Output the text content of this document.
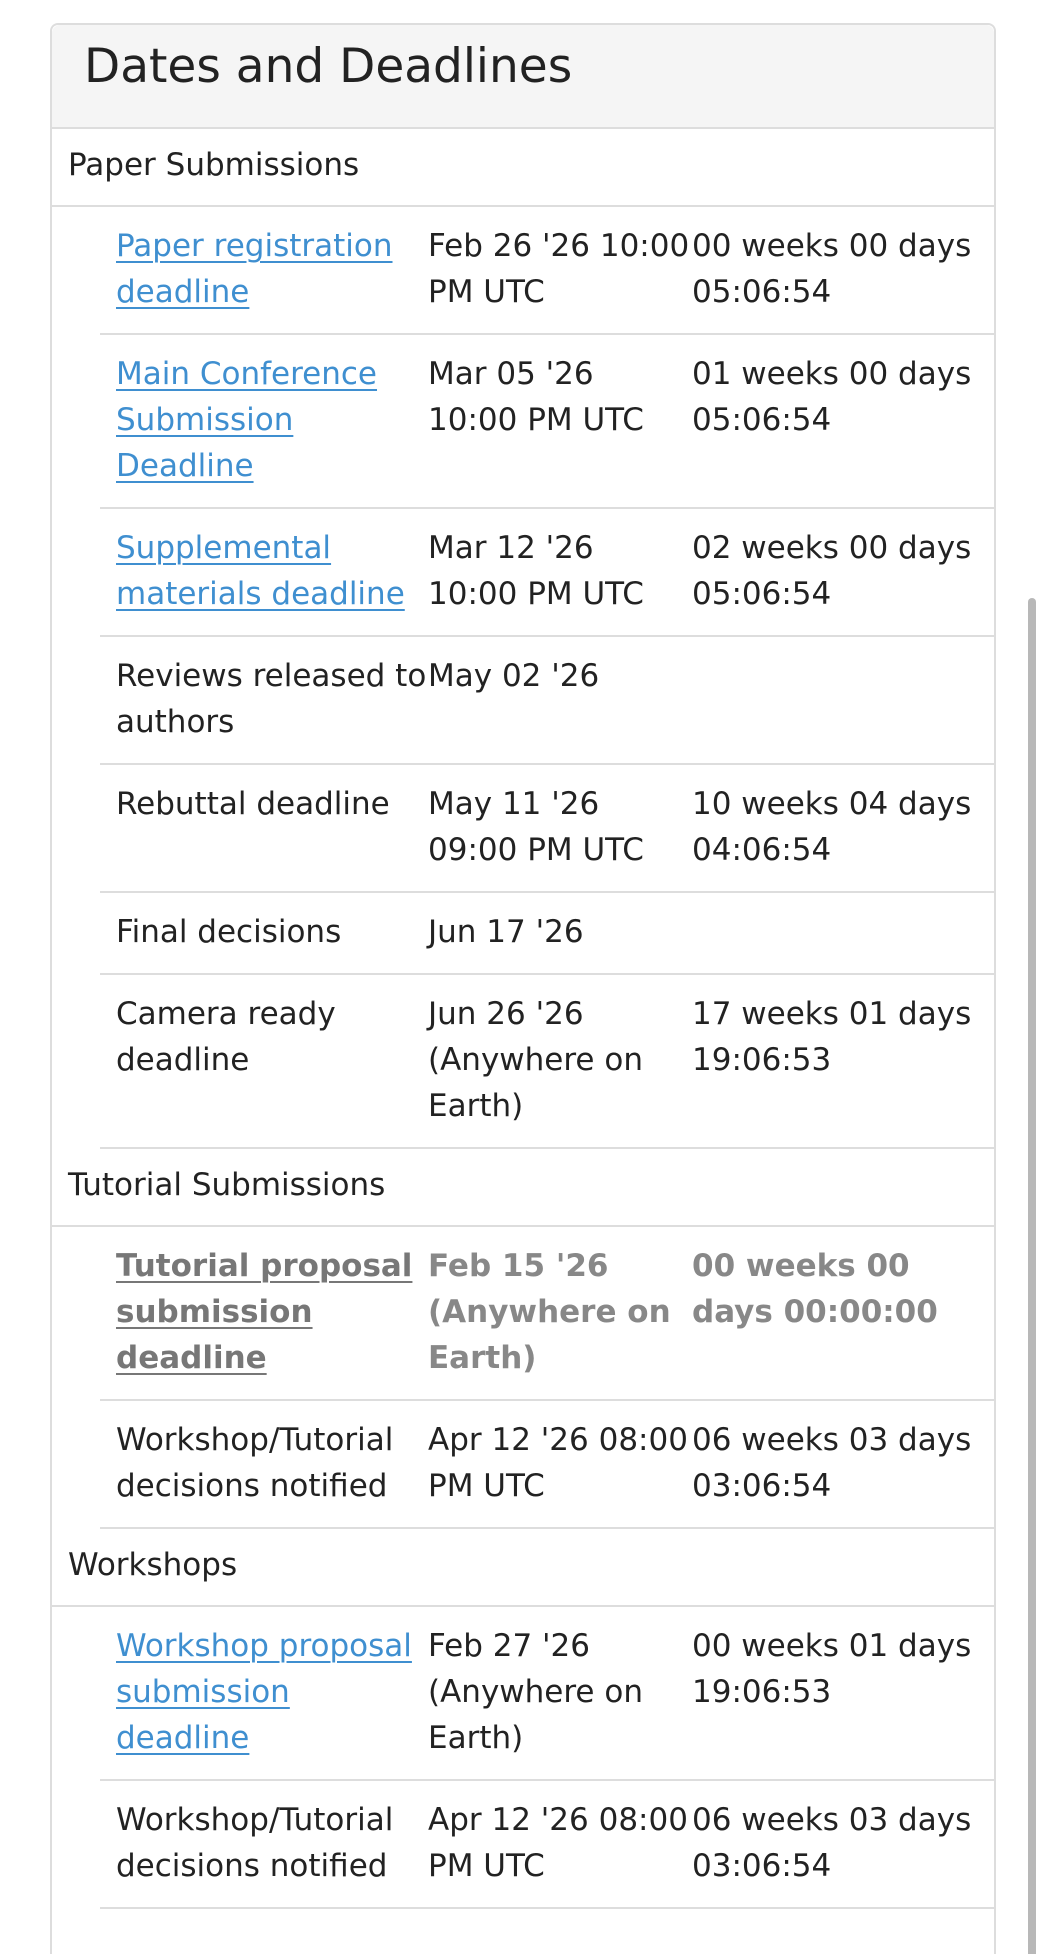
Dates and Deadlines
Paper Submissions
Paper registration deadline
Feb 26 '26 10:00 PM UTC
00 weeks 00 days 05:06:54
Main Conference Submission Deadline
Mar 05 '26 10:00 PM UTC
01 weeks 00 days 05:06:54
Supplemental materials deadline
Mar 12 '26 10:00 PM UTC
02 weeks 00 days 05:06:54
Reviews released to authors
May 02 '26
Rebuttal deadline	May 11 '26 09:00 PM UTC
10 weeks 04 days 04:06:54
Final decisions	Jun 17 '26
Camera ready deadline
Jun 26 '26 (Anywhere on Earth)
17 weeks 01 days 19:06:53
Tutorial Submissions
Tutorial proposal submission deadline
Feb 15 '26 (Anywhere on Earth)
00 weeks 00 days 00:00:00
Workshop/Tutorial decisions notified
Apr 12 '26 08:00 PM UTC
06 weeks 03 days 03:06:54
Workshops
Workshop proposal submission deadline
Feb 27 '26 (Anywhere on Earth)
00 weeks 01 days 19:06:53
Workshop/Tutorial decisions notified
Apr 12 '26 08:00 PM UTC
06 weeks 03 days 03:06:54
